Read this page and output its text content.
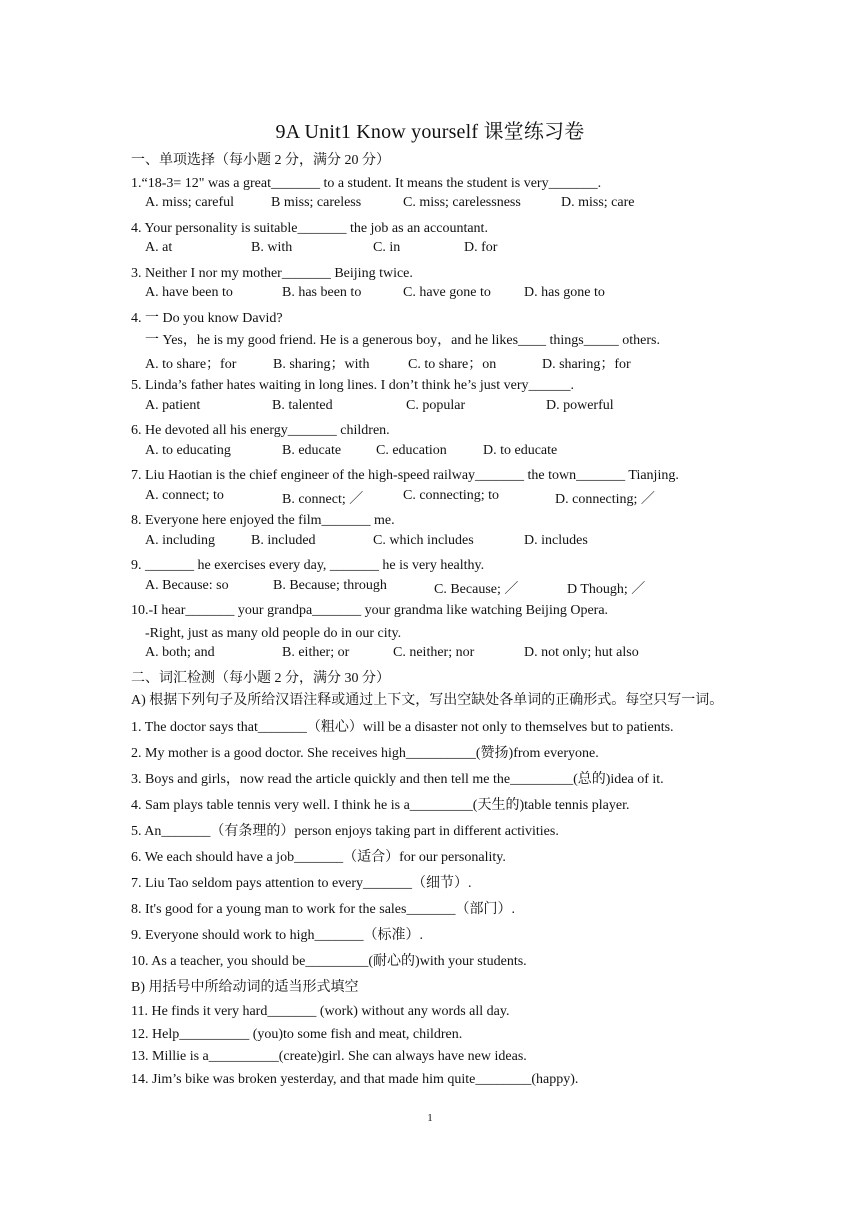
9A Unit1 Know yourself 课堂练习卷
一、单项选择（每小题 2 分，满分 20 分）
1.“18-3= 12" was a great_______ to a student. It means the student is very_______.
A. miss; careful	B miss; careless	C. miss; carelessness	D. miss; care
4. Your personality is suitable_______ the job as an accountant.
A. at	B. with	C. in	D. for
3. Neither I nor my mother_______ Beijing twice.
A. have been to	B. has been to	C. have gone to D. has gone to
4. 一 Do you know David?
一 Yes，he is my good friend. He is a generous boy，and he likes____ things_____ others.
A. to share；for	B. sharing；with	C. to share；on	D. sharing；for
5. Linda’s father hates waiting in long lines. I don’t think he’s just very______.
A. patient	B. talented	C. popular	D. powerful
6. He devoted all his energy_______ children.
A. to educating	B. educate C. education	D. to educate
7. Liu Haotian is the chief engineer of the high-speed railway_______ the town_______ Tianjing.
A. connect; to	B. connect; ／	C. connecting; to	D. connecting; ／
8. Everyone here enjoyed the film_______ me.
A. including	B. included	C. which includes	D. includes
9. _______ he exercises every day, _______ he is very healthy.
A. Because: so	B. Because; through	C. Because; ／	D Though; ／
10.-I hear_______ your grandpa_______ your grandma like watching Beijing Opera.
-Right, just as many old people do in our city.
A. both; and	B. either; or	C. neither; nor	D. not only; hut also
二、词汇检测（每小题 2 分，满分 30 分）
A) 根据下列句子及所给汉语注释或通过上下文，写出空缺处各单词的正确形式。每空只写一词。
1. The doctor says that_______（粗心）will be a disaster not only to themselves but to patients.
2. My mother is a good doctor. She receives high__________(赞扬)from everyone.
3. Boys and girls，now read the article quickly and then tell me the_________(总的)idea of it.
4. Sam plays table tennis very well. I think he is a_________(天生的)table tennis player.
5. An_______（有条理的）person enjoys taking part in different activities.
6. We each should have a job_______（适合）for our personality.
7. Liu Tao seldom pays attention to every_______（细节）.
8. It's good for a young man to work for the sales_______（部门）.
9. Everyone should work to high_______（标准）.
10. As a teacher, you should be_________(耐心的)with your students.
B) 用括号中所给动词的适当形式填空
11. He finds it very hard_______ (work) without any words all day.
12. Help__________ (you)to some fish and meat, children.
13. Millie is a__________(create)girl. She can always have new ideas.
14. Jim’s bike was broken yesterday, and that made him quite________(happy).
1
